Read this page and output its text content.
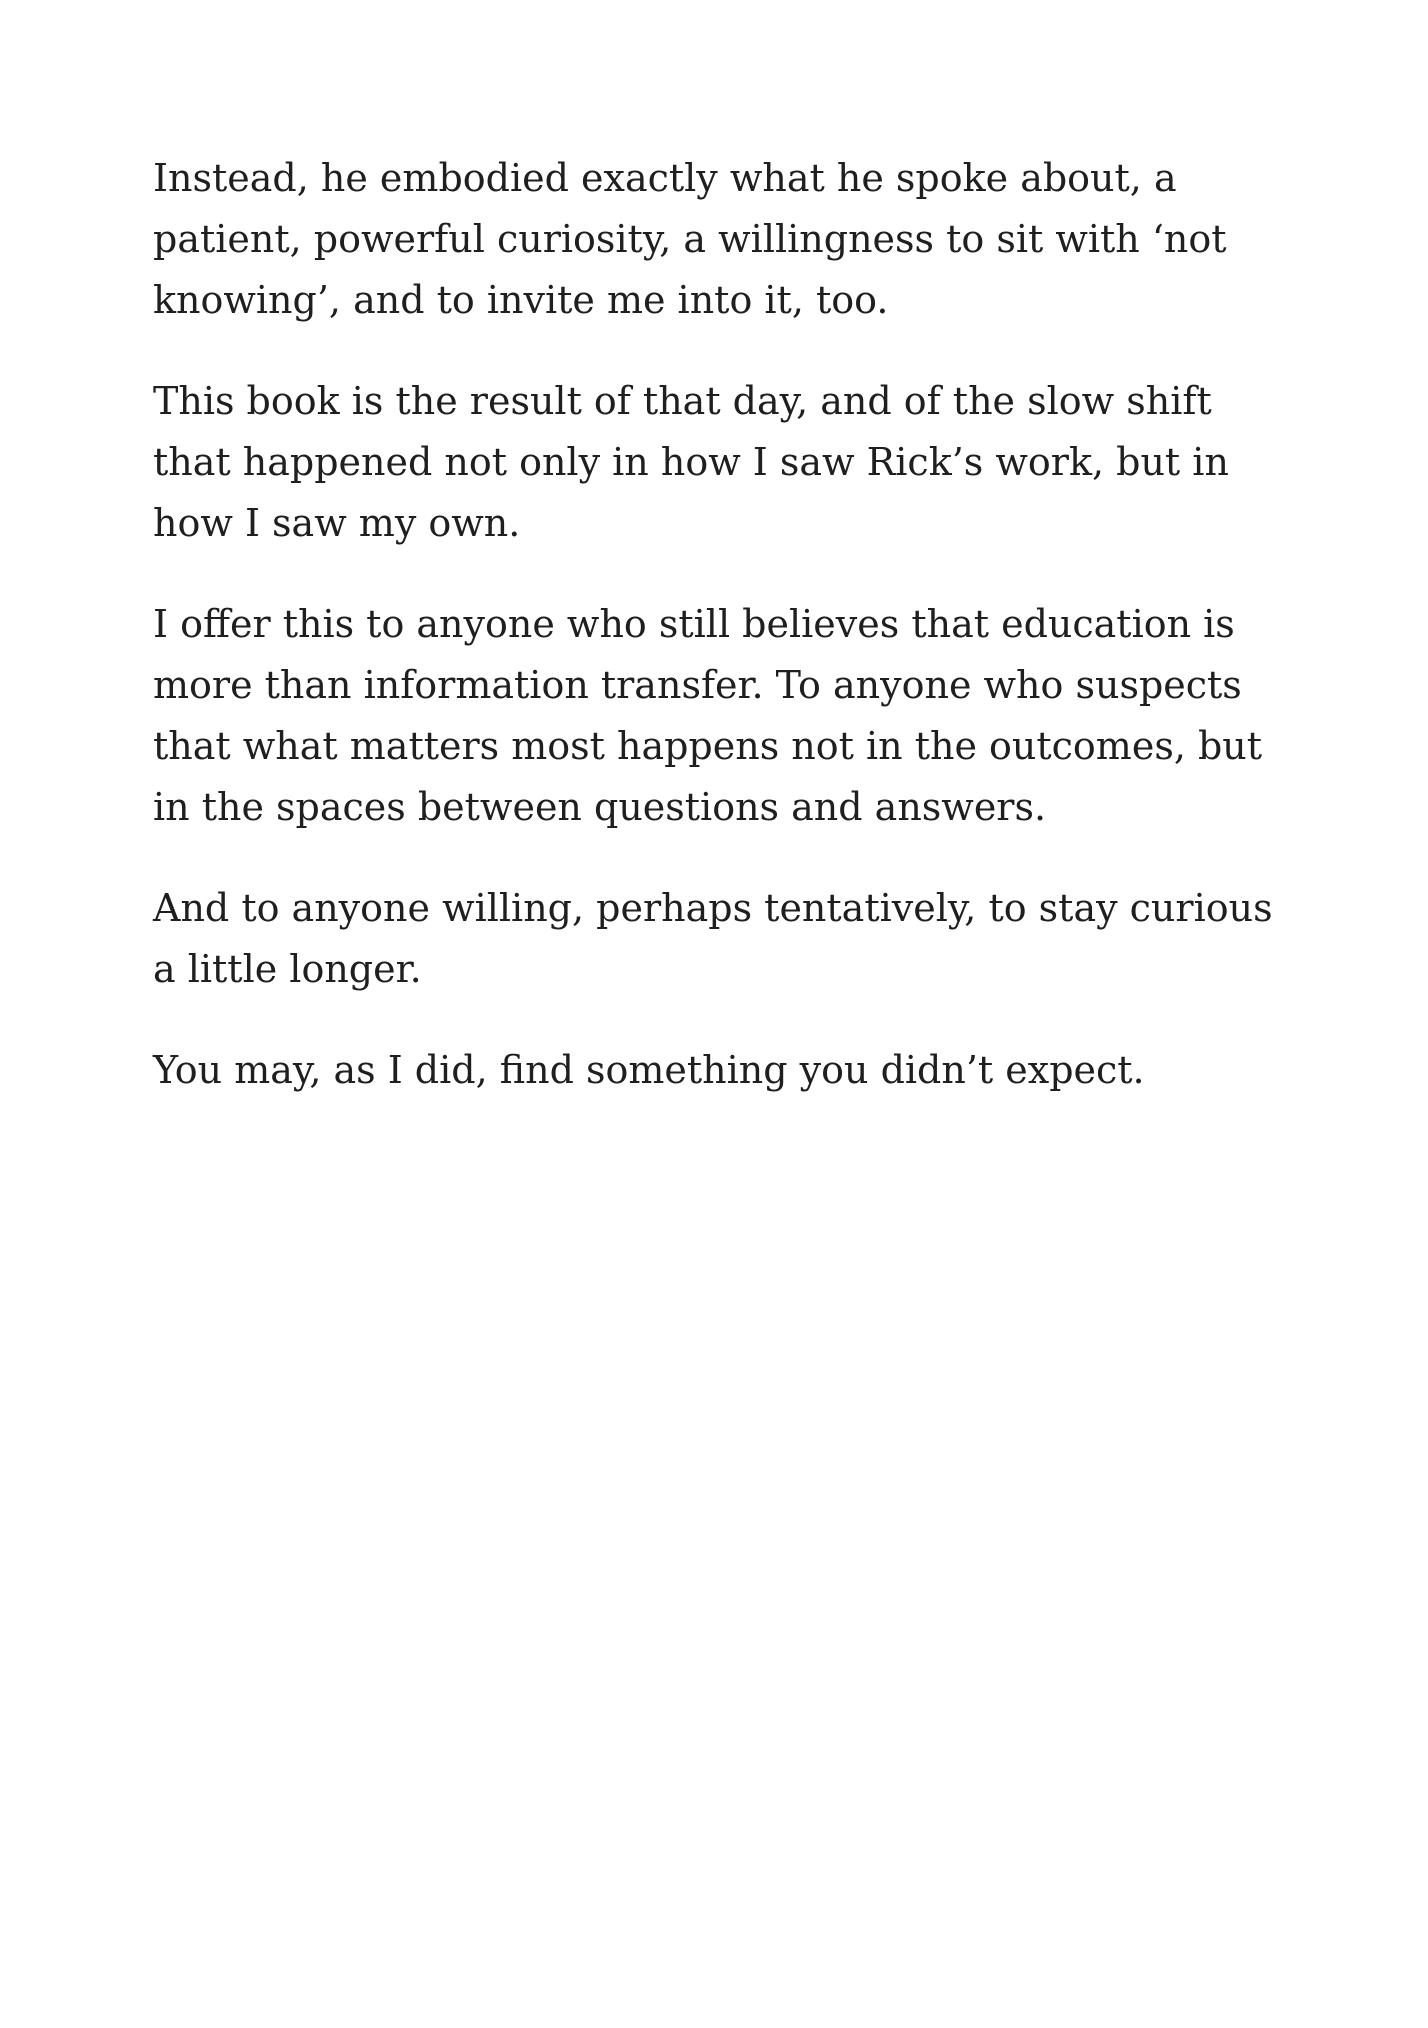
Instead, he embodied exactly what he spoke about, a patient, powerful curiosity, a willingness to sit with ‘not knowing’, and to invite me into it, too.

This book is the result of that day, and of the slow shift that happened not only in how I saw Rick’s work, but in how I saw my own.

I offer this to anyone who still believes that education is more than information transfer. To anyone who suspects that what matters most happens not in the outcomes, but in the spaces between questions and answers.

And to anyone willing, perhaps tentatively, to stay curious a little longer.

You may, as I did, find something you didn’t expect.
